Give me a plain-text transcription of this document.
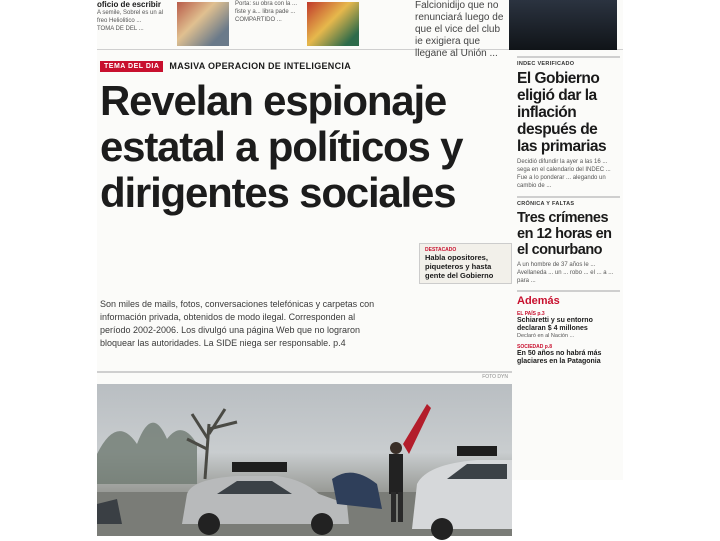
oficio de escribir
A semile, Sobrel es un al freo Heliolitico ...
TOMA DE DEL ...
Porta: su obra con la ... fiste y a... libra pade ...
COMPARTIDO ...
Falcionidijo que no renunciará luego de que el vice del club ie exigiera que llegane al Unión ...
TEMA DEL DIA	MASIVA OPERACION DE INTELIGENCIA
Revelan espionaje estatal a políticos y dirigentes sociales
DESTACADO
Habla opositores, piqueteros y hasta gente del Gobierno
Son miles de mails, fotos, conversaciones telefónicas y carpetas con información privada, obtenidos de modo ilegal. Corresponden al período 2002-2006. Los divulgó una página Web que no lograron bloquear las autoridades. La SIDE niega ser responsable. p.4
FOTO DYN
INDEC VERIFICADO
El Gobierno eligió dar la inflación después de las primarias
Decidió difundir la ayer a las 16 ... sega en el calendario del INDEC ... Fue a lo ponderar ... alegando un cambio de ...
CRÓNICA Y FALTAS
Tres crímenes en 12 horas en el conurbano
A un hombre de 37 años le ... Avellaneda ... un ... robo ... el ... a ... para ...
Además
EL PAÍS p.3
Schiaretti y su entorno declaran $ 4 millones
Declaró en al Nación ...
SOCIEDAD p.8
En 50 años no habrá más glaciares en la Patagonia
